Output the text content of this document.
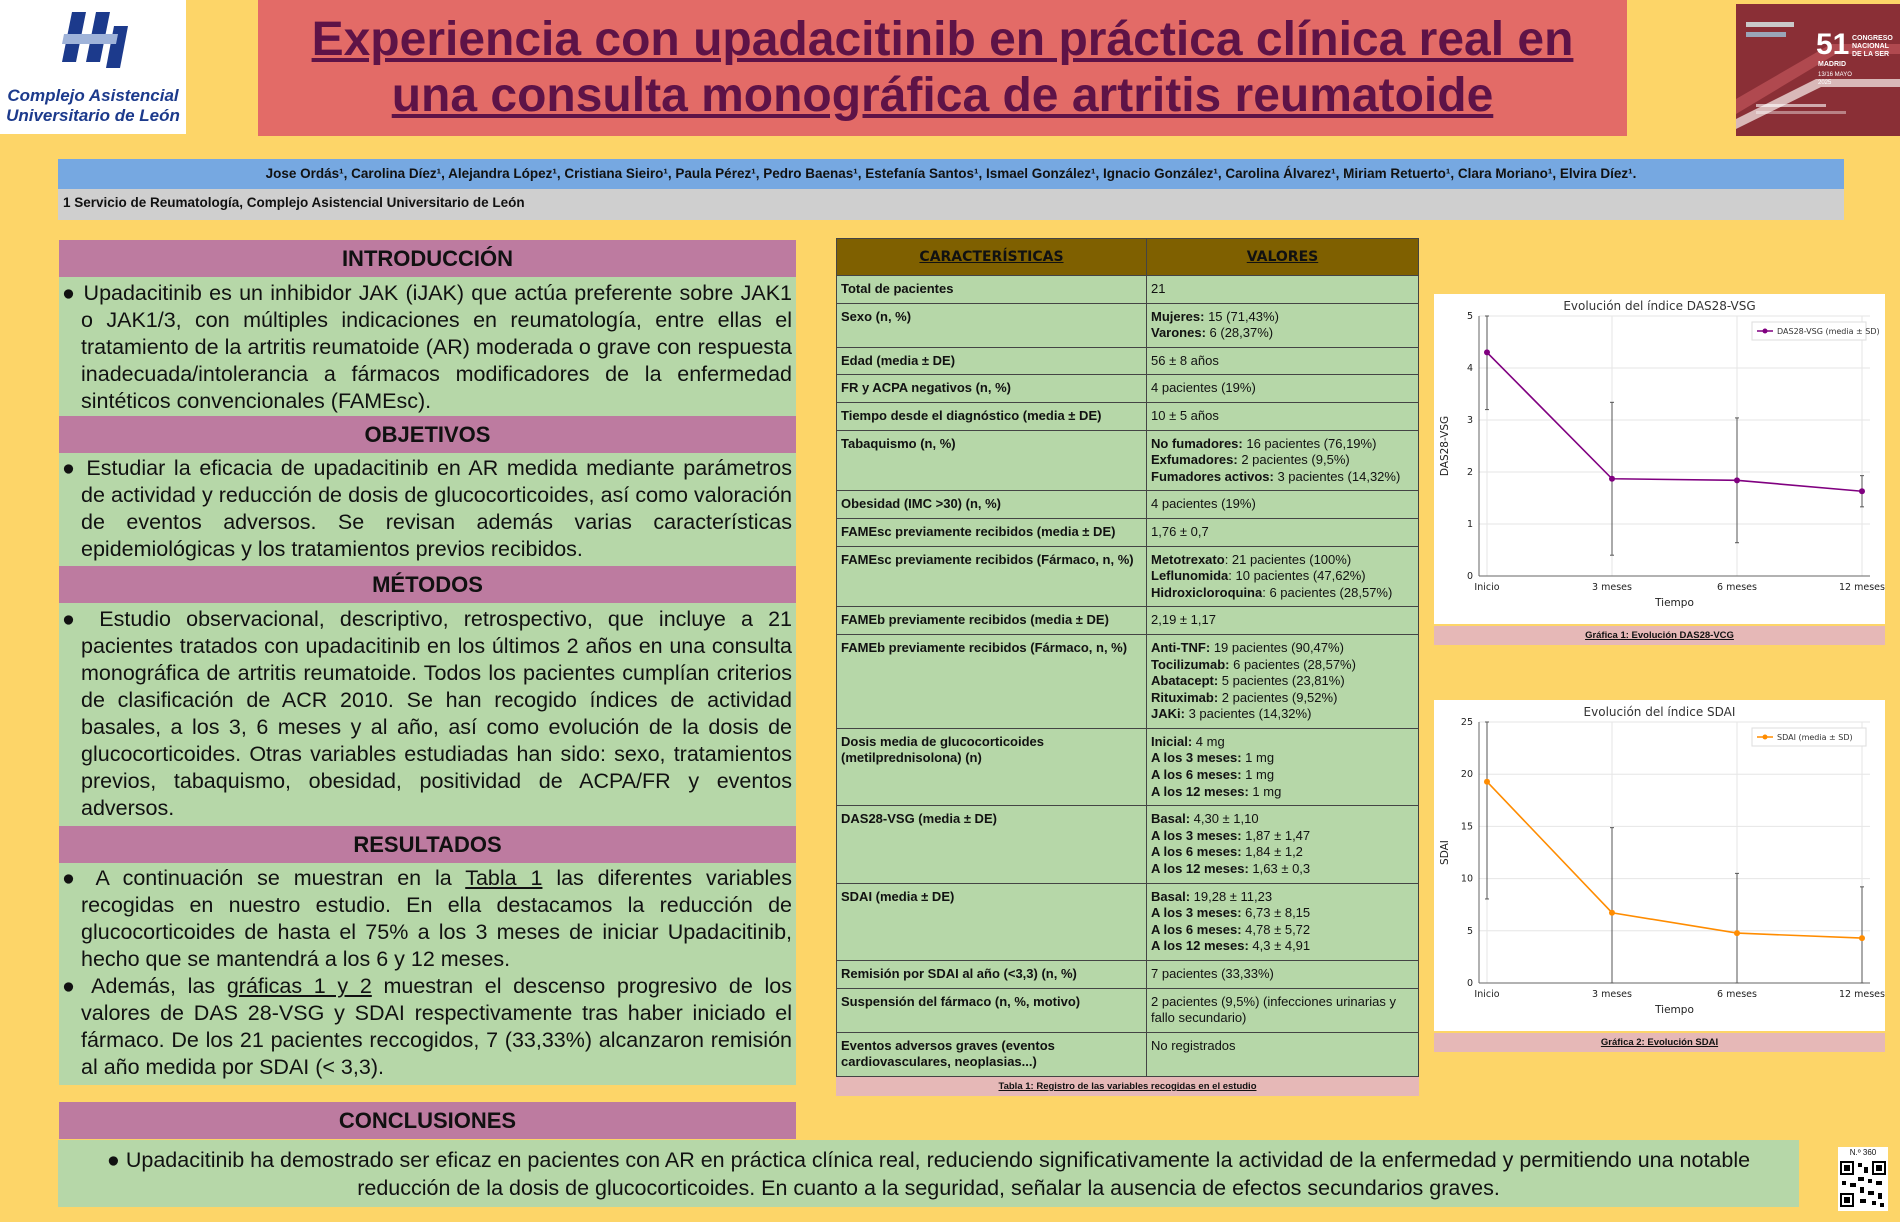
Complejo Asistencial
Universitario de León
Experiencia con upadacitinib en práctica clínica real en
una consulta monográfica de artritis reumatoide
51 CONGRESO
NACIONAL
DE LA SER
MADRID
13/16 MAYO
2025
Jose Ordás¹, Carolina Díez¹, Alejandra López¹, Cristiana Sieiro¹, Paula Pérez¹, Pedro Baenas¹, Estefanía Santos¹, Ismael González¹, Ignacio González¹, Carolina Álvarez¹, Miriam Retuerto¹, Clara Moriano¹, Elvira Díez¹.
1 Servicio de Reumatología, Complejo Asistencial Universitario de León
INTRODUCCIÓN

● Upadacitinib es un inhibidor JAK (iJAK) que actúa preferente sobre JAK1 o JAK1/3, con múltiples indicaciones en reumatología, entre ellas el tratamiento de la artritis reumatoide (AR) moderada o grave con respuesta inadecuada/intolerancia a fármacos modificadores de la enfermedad sintéticos convencionales (FAMEsc).

OBJETIVOS

● Estudiar la eficacia de upadacitinib en AR medida mediante parámetros de actividad y reducción de dosis de glucocorticoides, así como valoración de eventos adversos. Se revisan además varias características epidemiológicas y los tratamientos previos recibidos.

MÉTODOS

● Estudio observacional, descriptivo, retrospectivo, que incluye a 21 pacientes tratados con upadacitinib en los últimos 2 años en una consulta monográfica de artritis reumatoide. Todos los pacientes cumplían criterios de clasificación de ACR 2010. Se han recogido índices de actividad basales, a los 3, 6 meses y al año, así como evolución de la dosis de glucocorticoides. Otras variables estudiadas han sido: sexo, tratamientos previos, tabaquismo, obesidad, positividad de ACPA/FR y eventos adversos.

RESULTADOS

● A continuación se muestran en la Tabla 1 las diferentes variables recogidas en nuestro estudio. En ella destacamos la reducción de glucocorticoides de hasta el 75% a los 3 meses de iniciar Upadacitinib, hecho que se mantendrá a los 6 y 12 meses.

● Además, las gráficas 1 y 2 muestran el descenso progresivo de los valores de DAS 28-VSG y SDAI respectivamente tras haber iniciado el fármaco. De los 21 pacientes reccogidos, 7 (33,33%) alcanzaron remisión al año medida por SDAI (< 3,3).

CONCLUSIONES
● Upadacitinib ha demostrado ser eficaz en pacientes con AR en práctica clínica real, reduciendo significativamente la actividad de la enfermedad y permitiendo una notable reducción de la dosis de glucocorticoides. En cuanto a la seguridad, señalar la ausencia de efectos secundarios graves.
CARACTERÍSTICAS	VALORES
Total de pacientes	21

Sexo (n, %)	Mujeres: 15 (71,43%)
Varones: 6 (28,37%)

Edad (media ± DE)	56 ± 8 años

FR y ACPA negativos (n, %)	4 pacientes (19%)

Tiempo desde el diagnóstico (media ± DE)	10 ± 5 años

Tabaquismo (n, %)	No fumadores: 16 pacientes (76,19%)
Exfumadores: 2 pacientes (9,5%)
Fumadores activos: 3 pacientes (14,32%)

Obesidad (IMC >30) (n, %)	4 pacientes (19%)

FAMEsc previamente recibidos (media ± DE)	1,76 ± 0,7

FAMEsc previamente recibidos (Fármaco, n, %)	Metotrexato: 21 pacientes (100%)
Leflunomida: 10 pacientes (47,62%)
Hidroxicloroquina: 6 pacientes (28,57%)

FAMEb previamente recibidos (media ± DE)	2,19 ± 1,17

FAMEb previamente recibidos (Fármaco, n, %)	Anti-TNF: 19 pacientes (90,47%)
Tocilizumab: 6 pacientes (28,57%)
Abatacept: 5 pacientes (23,81%)
Rituximab: 2 pacientes (9,52%)
JAKi: 3 pacientes (14,32%)

Dosis media de glucocorticoides (metilprednisolona) (n)	Inicial: 4 mg
A los 3 meses: 1 mg
A los 6 meses: 1 mg
A los 12 meses: 1 mg

DAS28-VSG (media ± DE)	Basal: 4,30 ± 1,10
A los 3 meses: 1,87 ± 1,47
A los 6 meses: 1,84 ± 1,2
A los 12 meses: 1,63 ± 0,3

SDAI (media ± DE)	Basal: 19,28 ± 11,23
A los 3 meses: 6,73 ± 8,15
A los 6 meses: 4,78 ± 5,72
A los 12 meses: 4,3 ± 4,91

Remisión por SDAI al año (<3,3) (n, %)	7 pacientes (33,33%)

Suspensión del fármaco (n, %, motivo)	2 pacientes (9,5%) (infecciones urinarias y fallo secundario)

Eventos adversos graves (eventos cardiovasculares, neoplasias...)	No registrados
Tabla 1: Registro de las variables recogidas en el estudio
Evolución del índice DAS28-VSG
0
1
2
3
4
5
Inicio	3 meses	6 meses	12 meses
Tiempo
DAS28-VSG
DAS28-VSG (media ± SD)
Gráfica 1: Evolución DAS28-VCG
Evolución del índice SDAI
0
5
10
15
20
25
Inicio	3 meses	6 meses	12 meses
Tiempo
SDAI
SDAI (media ± SD)
Gráfica 2: Evolución SDAI
N.º 360
